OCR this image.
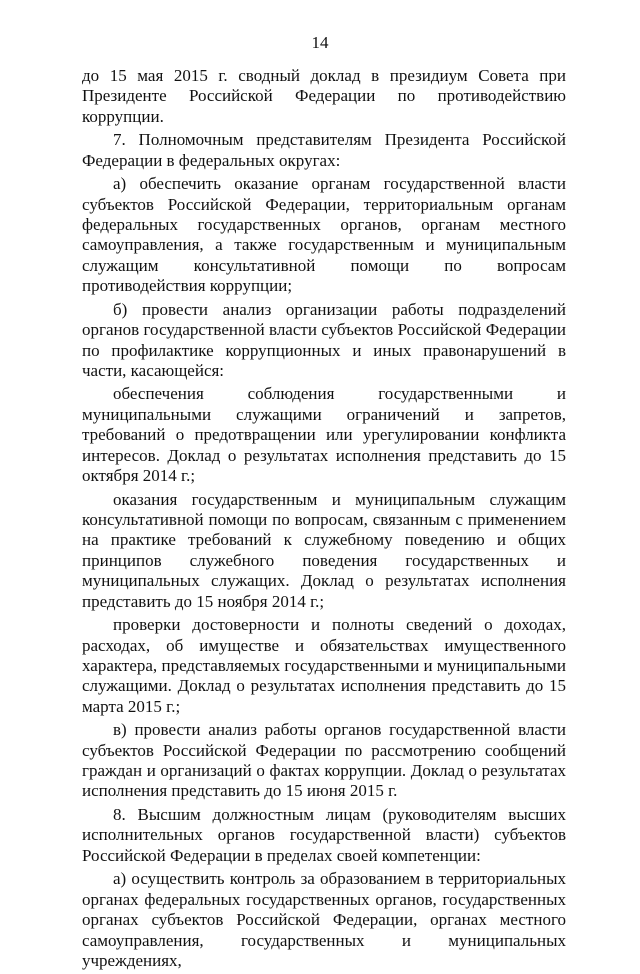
14

до 15 мая 2015 г. сводный доклад в президиум Совета при Президенте Российской Федерации по противодействию коррупции.

7. Полномочным представителям Президента Российской Федерации в федеральных округах:

а) обеспечить оказание органам государственной власти субъектов Российской Федерации, территориальным органам федеральных государственных органов, органам местного самоуправления, а также государственным и муниципальным служащим консультативной помощи по вопросам противодействия коррупции;

б) провести анализ организации работы подразделений органов государственной власти субъектов Российской Федерации по профилактике коррупционных и иных правонарушений в части, касающейся:

обеспечения соблюдения государственными и муниципальными служащими ограничений и запретов, требований о предотвращении или урегулировании конфликта интересов. Доклад о результатах исполнения представить до 15 октября 2014 г.;

оказания государственным и муниципальным служащим консультативной помощи по вопросам, связанным с применением на практике требований к служебному поведению и общих принципов служебного поведения государственных и муниципальных служащих. Доклад о результатах исполнения представить до 15 ноября 2014 г.;

проверки достоверности и полноты сведений о доходах, расходах, об имуществе и обязательствах имущественного характера, представляемых государственными и муниципальными служащими. Доклад о результатах исполнения представить до 15 марта 2015 г.;

в) провести анализ работы органов государственной власти субъектов Российской Федерации по рассмотрению сообщений граждан и организаций о фактах коррупции. Доклад о результатах исполнения представить до 15 июня 2015 г.

8. Высшим должностным лицам (руководителям высших исполнительных органов государственной власти) субъектов Российской Федерации в пределах своей компетенции:

а) осуществить контроль за образованием в территориальных органах федеральных государственных органов, государственных органах субъектов Российской Федерации, органах местного самоуправления, государственных и муниципальных учреждениях,
